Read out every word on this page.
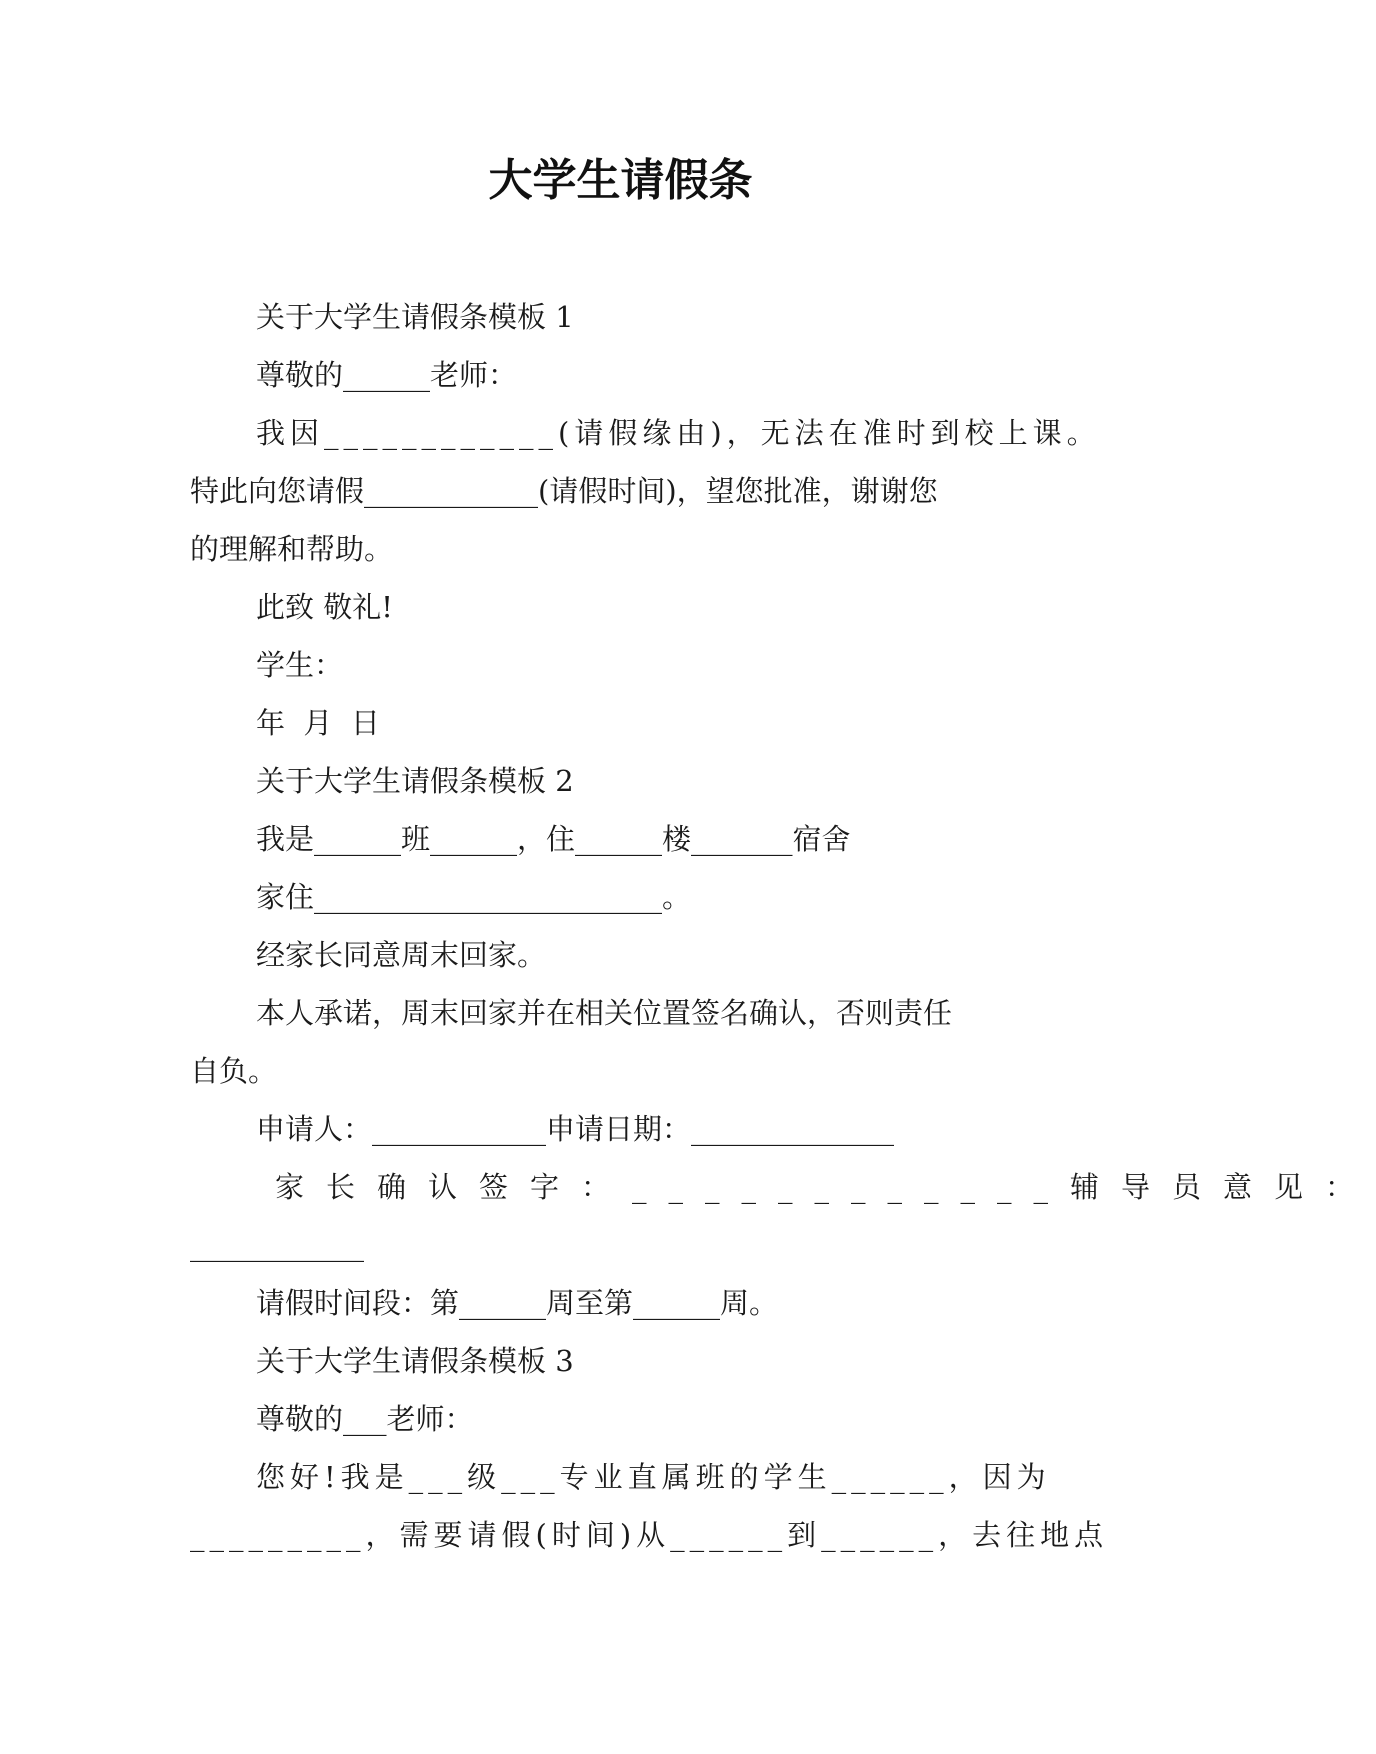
大学生请假条
关于大学生请假条模板 1
尊敬的______老师：
我因____________(请假缘由)，无法在准时到校上课。
特此向您请假____________(请假时间)，望您批准，谢谢您
的理解和帮助。
此致 敬礼!
学生：
年  月  日
关于大学生请假条模板 2
我是______班______，住______楼_______宿舍
家住________________________。
经家长同意周末回家。
本人承诺，周末回家并在相关位置签名确认，否则责任
自负。
申请人：____________申请日期：______________
家长确认签字：____________辅导员意见：
____________
请假时间段：第______周至第______周。
关于大学生请假条模板 3
尊敬的___老师：
您好!我是___级___专业直属班的学生______，因为
_________，需要请假(时间)从______到______，去往地点
